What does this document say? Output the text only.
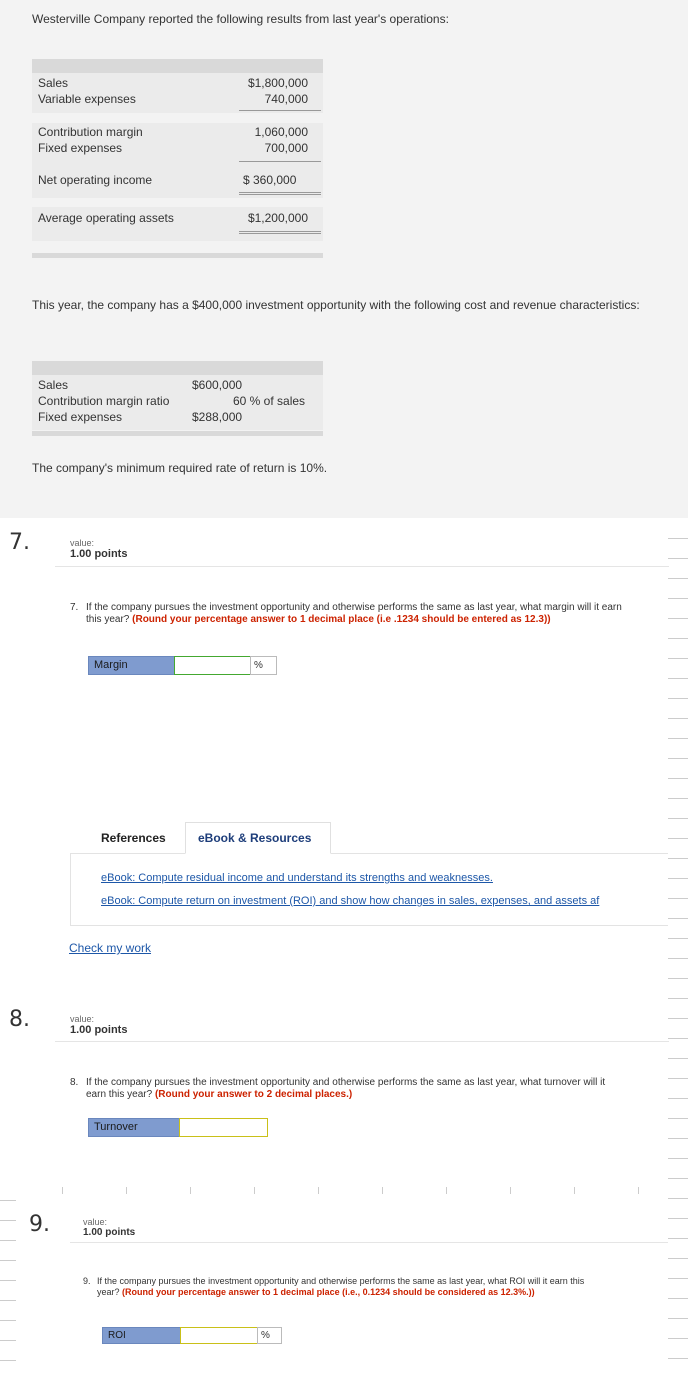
Westerville Company reported the following results from last year's operations:
Sales	$1,800,000
Variable expenses	740,000
Contribution margin	1,060,000
Fixed expenses	700,000
Net operating income	$ 360,000
Average operating assets	$1,200,000
This year, the company has a $400,000 investment opportunity with the following cost and revenue characteristics:
Sales	$600,000
Contribution margin ratio	60 % of sales
Fixed expenses	$288,000
The company's minimum required rate of return is 10%.
7.	value:
1.00 points
7. If the company pursues the investment opportunity and otherwise performs the same as last year, what margin will it earn this year? (Round your percentage answer to 1 decimal place (i.e .1234 should be entered as 12.3))
Margin	%
References	eBook & Resources
eBook: Compute residual income and understand its strengths and weaknesses.
eBook: Compute return on investment (ROI) and show how changes in sales, expenses, and assets af
Check my work
8.	value:
1.00 points
8. If the company pursues the investment opportunity and otherwise performs the same as last year, what turnover will it earn this year? (Round your answer to 2 decimal places.)
Turnover
9.	value:
1.00 points
9. If the company pursues the investment opportunity and otherwise performs the same as last year, what ROI will it earn this year? (Round your percentage answer to 1 decimal place (i.e., 0.1234 should be considered as 12.3%.))
ROI	%
